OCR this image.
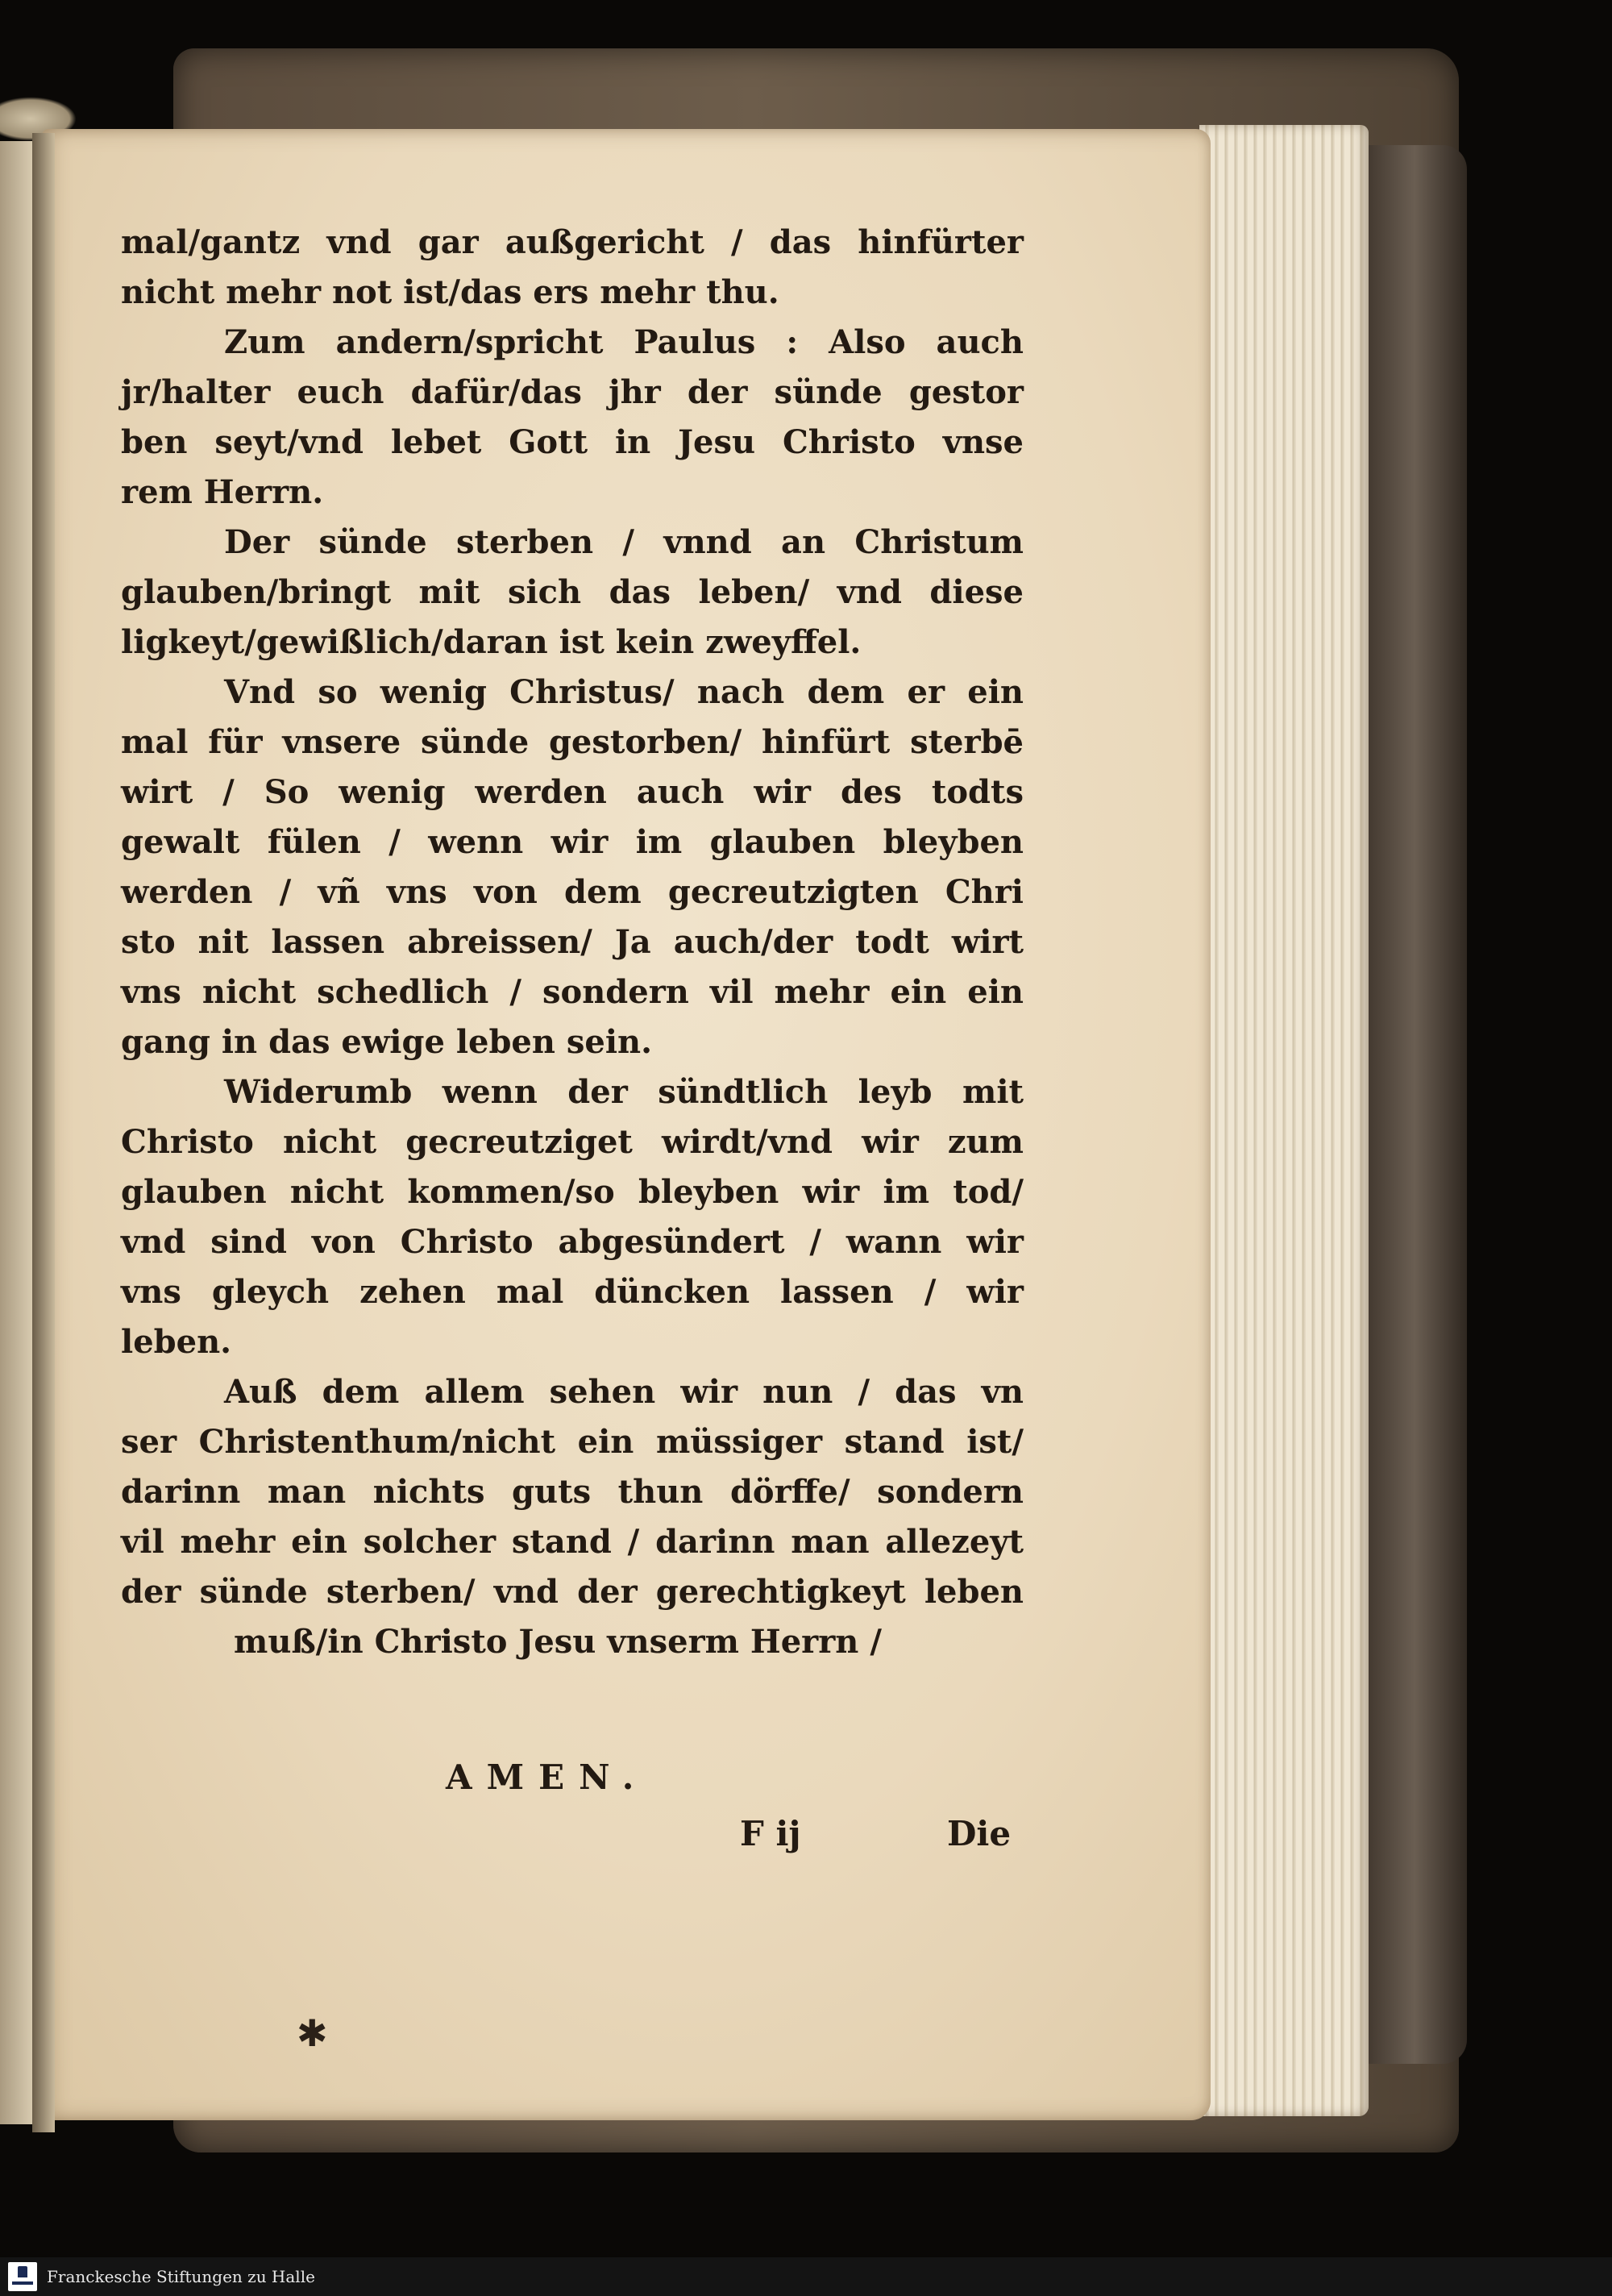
mal/gantz vnd gar außgericht / das hinfürter
nicht mehr not ist/das ers mehr thu.
Zum andern/spricht Paulus : Also auch
jr/halter euch dafür/das jhr der sünde gestor
ben seyt/vnd lebet Gott in Jesu Christo vnse
rem Herrn.
Der sünde sterben / vnnd an Christum
glauben/bringt mit sich das leben/ vnd diese
ligkeyt/gewißlich/daran ist kein zweyffel.
Vnd so wenig Christus/ nach dem er ein
mal für vnsere sünde gestorben/ hinfürt sterbē
wirt / So wenig werden auch wir des todts
gewalt fülen / wenn wir im glauben bleyben
werden / vñ vns von dem gecreutzigten Chri
sto nit lassen abreissen/ Ja auch/der todt wirt
vns nicht schedlich / sondern vil mehr ein ein
gang in das ewige leben sein.
Widerumb wenn der sündtlich leyb mit
Christo nicht gecreutziget wirdt/vnd wir zum
glauben nicht kommen/so bleyben wir im tod/
vnd sind von Christo abgesündert / wann wir
vns gleych zehen mal düncken lassen / wir
leben.
Auß dem allem sehen wir nun / das vn
ser Christenthum/nicht ein müssiger stand ist/
darinn man nichts guts thun dörffe/ sondern
vil mehr ein solcher stand / darinn man allezeyt
der sünde sterben/ vnd der gerechtigkeyt leben
muß/in Christo Jesu vnserm Herrn /
AMEN.
F ij	Die
✱
Franckesche Stiftungen zu Halle
